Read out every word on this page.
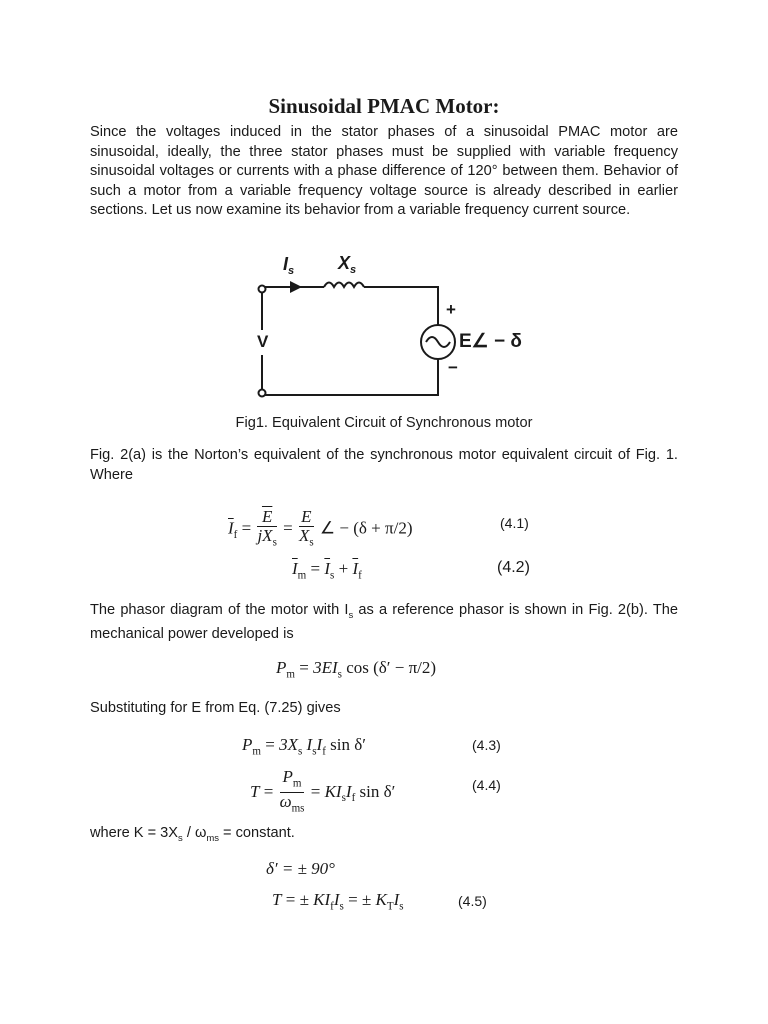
Sinusoidal PMAC Motor:

Since the voltages induced in the stator phases of a sinusoidal PMAC motor are sinusoidal, ideally, the three stator phases must be supplied with variable frequency sinusoidal voltages or currents with a phase difference of 120° between them. Behavior of such a motor from a variable frequency voltage source is already described in earlier sections. Let us now examine its behavior from a variable frequency current source.

$I_s$ $X_s$
V
+
−
E∠ − δ
Fig1. Equivalent Circuit of Synchronous motor

Fig. 2(a) is the Norton’s equivalent of the synchronous motor equivalent circuit of Fig. 1. Where

$\overline{I}_f = \frac{\overline{E}}{jX_s} = \frac{E}{X_s}$ ∠ − (δ + π/2)	(4.1)
$\overline{I}_m = \overline{I}_s + \overline{I}_f$	(4.2)

The phasor diagram of the motor with $I_s$ as a reference phasor is shown in Fig. 2(b). The mechanical power developed is

$P_m = 3EI_s$ cos (δ′ − π/2)

Substituting for E from Eq. (7.25) gives

$P_m = 3X_s$ $I_sI_f$ sin δ′	(4.3)
$T = \frac{P_m}{\omega_{ms}} = KI_sI_f$ sin δ′	(4.4)

where $K = 3X_s / \omega_{ms}$ = constant.

δ′ = ± 90°
T = ± $KI_fI_s$ = ± $K_TI_s$	(4.5)
